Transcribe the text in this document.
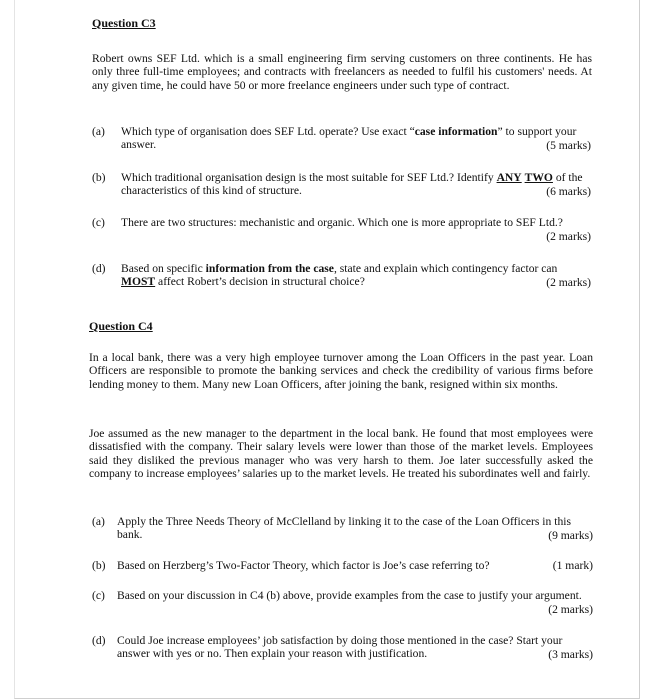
Question C3
Robert owns SEF Ltd. which is a small engineering firm serving customers on three continents. He has only three full-time employees; and contracts with freelancers as needed to fulfil his customers' needs. At any given time, he could have 50 or more freelance engineers under such type of contract.
(a)	Which type of organisation does SEF Ltd. operate? Use exact “case information” to support your answer.	(5 marks)
(b)	Which traditional organisation design is the most suitable for SEF Ltd.? Identify ANY TWO of the characteristics of this kind of structure.	(6 marks)
(c)	There are two structures: mechanistic and organic. Which one is more appropriate to SEF Ltd.?
(2 marks)
(d)	Based on specific information from the case, state and explain which contingency factor can MOST affect Robert’s decision in structural choice?	(2 marks)
Question C4
In a local bank, there was a very high employee turnover among the Loan Officers in the past year. Loan Officers are responsible to promote the banking services and check the credibility of various firms before lending money to them. Many new Loan Officers, after joining the bank, resigned within six months.
Joe assumed as the new manager to the department in the local bank. He found that most employees were dissatisfied with the company. Their salary levels were lower than those of the market levels. Employees said they disliked the previous manager who was very harsh to them. Joe later successfully asked the company to increase employees’ salaries up to the market levels. He treated his subordinates well and fairly.
(a)	Apply the Three Needs Theory of McClelland by linking it to the case of the Loan Officers in this bank.	(9 marks)
(b) Based on Herzberg’s Two-Factor Theory, which factor is Joe’s case referring to?	(1 mark)
(c)	Based on your discussion in C4 (b) above, provide examples from the case to justify your argument.
(2 marks)
(d) Could Joe increase employees’ job satisfaction by doing those mentioned in the case? Start your answer with yes or no. Then explain your reason with justification.	(3 marks)
